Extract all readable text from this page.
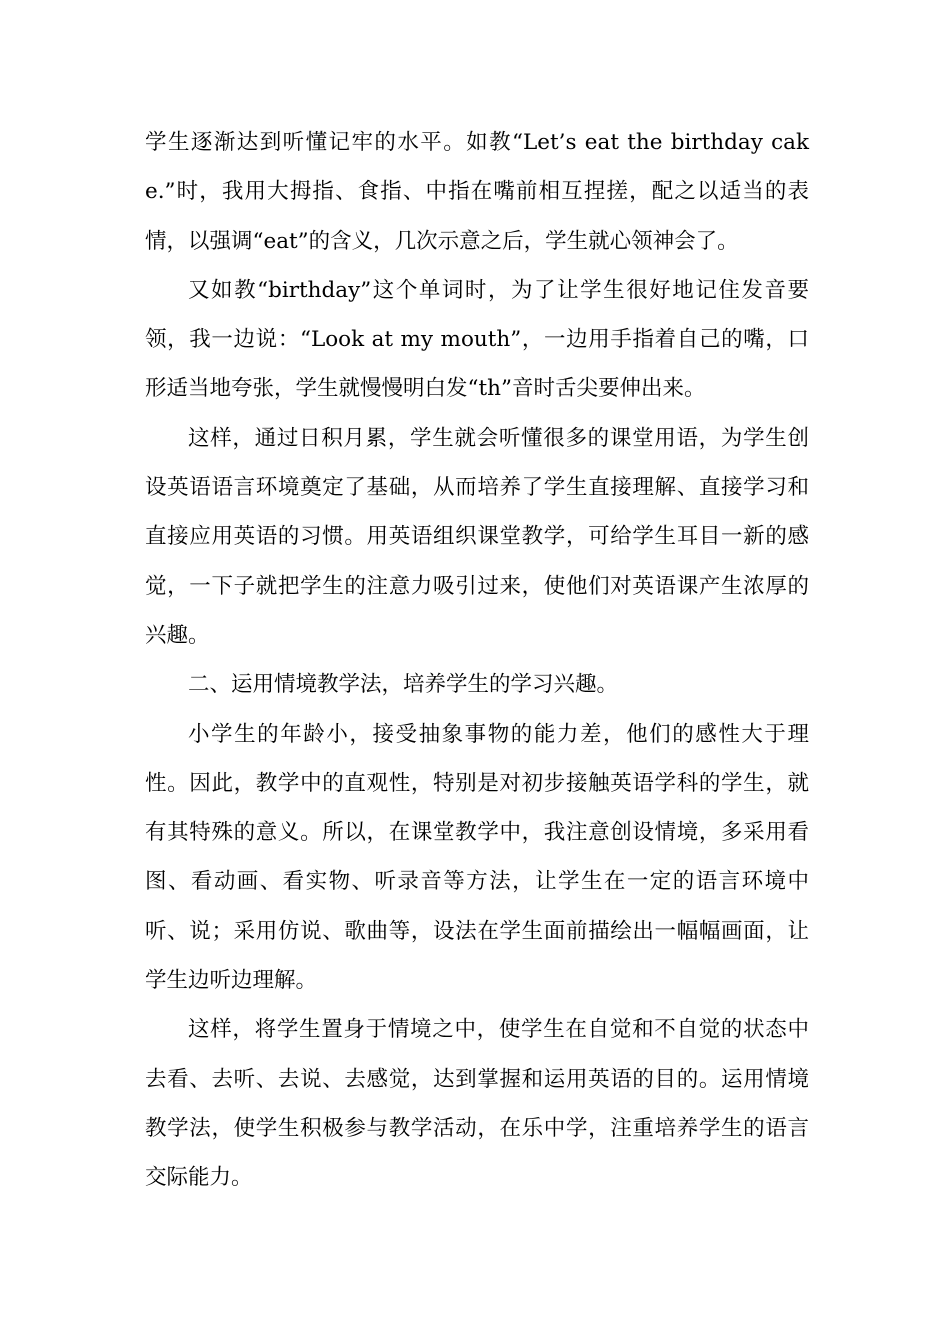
学生逐渐达到听懂记牢的水平。如教“Let’s eat the birthday cake.”时，我用大拇指、食指、中指在嘴前相互捏搓，配之以适当的表情，以强调“eat”的含义，几次示意之后，学生就心领神会了。

又如教“birthday”这个单词时，为了让学生很好地记住发音要领，我一边说：“Look at my mouth”，一边用手指着自己的嘴，口形适当地夸张，学生就慢慢明白发“th”音时舌尖要伸出来。

这样，通过日积月累，学生就会听懂很多的课堂用语，为学生创设英语语言环境奠定了基础，从而培养了学生直接理解、直接学习和直接应用英语的习惯。用英语组织课堂教学，可给学生耳目一新的感觉，一下子就把学生的注意力吸引过来，使他们对英语课产生浓厚的兴趣。

二、运用情境教学法，培养学生的学习兴趣。

小学生的年龄小，接受抽象事物的能力差，他们的感性大于理性。因此，教学中的直观性，特别是对初步接触英语学科的学生，就有其特殊的意义。所以，在课堂教学中，我注意创设情境，多采用看图、看动画、看实物、听录音等方法，让学生在一定的语言环境中听、说；采用仿说、歌曲等，设法在学生面前描绘出一幅幅画面，让学生边听边理解。

这样，将学生置身于情境之中，使学生在自觉和不自觉的状态中去看、去听、去说、去感觉，达到掌握和运用英语的目的。运用情境教学法，使学生积极参与教学活动，在乐中学，注重培养学生的语言交际能力。
